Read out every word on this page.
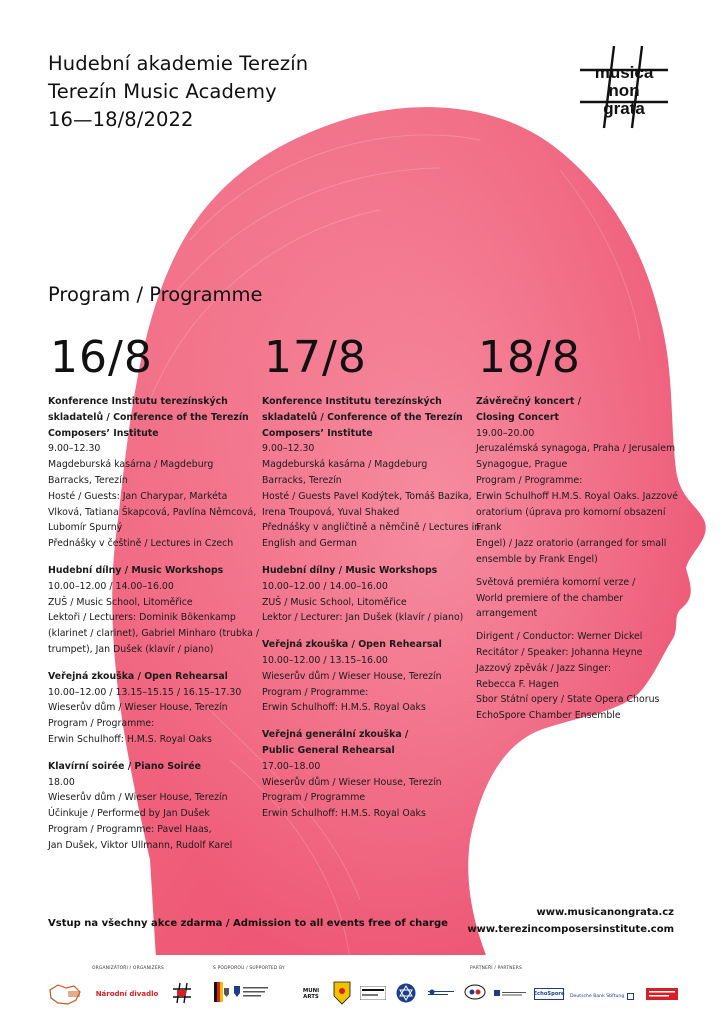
Hudební akademie Terezín
Terezín Music Academy
16—18/8/2022
musica
non
grata
Program / Programme
16/8
Konference Institutu terezínských
skladatelů / Conference of the Terezín
Composers’ Institute
9.00–12.30
Magdeburská kasárna / Magdeburg
Barracks, Terezín
Hosté / Guests: Jan Charypar, Markéta
Vlková, Tatiana Škapcová, Pavlína Němcová,
Lubomír Spurný
Přednášky v češtině / Lectures in Czech
Hudební dílny / Music Workshops
10.00–12.00 / 14.00–16.00
ZUŠ / Music School, Litoměřice
Lektoři / Lecturers: Dominik Bökenkamp
(klarinet / clarinet), Gabriel Minharo (trubka /
trumpet), Jan Dušek (klavír / piano)
Veřejná zkouška / Open Rehearsal
10.00–12.00 / 13.15–15.15 / 16.15–17.30
Wieserův dům / Wieser House, Terezín
Program / Programme:
Erwin Schulhoff: H.M.S. Royal Oaks
Klavírní soirée / Piano Soirée
18.00
Wieserův dům / Wieser House, Terezín
Účinkuje / Performed by Jan Dušek
Program / Programme: Pavel Haas,
Jan Dušek, Viktor Ullmann, Rudolf Karel
17/8
Konference Institutu terezínských
skladatelů / Conference of the Terezín
Composers’ Institute
9.00–12.30
Magdeburská kasárna / Magdeburg
Barracks, Terezín
Hosté / Guests Pavel Kodýtek, Tomáš Bazika,
Irena Troupová, Yuval Shaked
Přednášky v angličtině a němčině / Lectures in
English and German
Hudební dílny / Music Workshops
10.00–12.00 / 14.00–16.00
ZUŠ / Music School, Litoměřice
Lektor / Lecturer: Jan Dušek (klavír / piano)
Veřejná zkouška / Open Rehearsal
10.00–12.00 / 13.15–16.00
Wieserův dům / Wieser House, Terezín
Program / Programme:
Erwin Schulhoff: H.M.S. Royal Oaks
Veřejná generální zkouška /
Public General Rehearsal
17.00–18.00
Wieserův dům / Wieser House, Terezín
Program / Programme
Erwin Schulhoff: H.M.S. Royal Oaks
18/8
Závěrečný koncert /
Closing Concert
19.00–20.00
Jeruzalémská synagoga, Praha / Jerusalem
Synagogue, Prague
Program / Programme:
Erwin Schulhoff H.M.S. Royal Oaks. Jazzové
oratorium (úprava pro komorní obsazení Frank
Engel) / Jazz oratorio (arranged for small
ensemble by Frank Engel)
Světová premiéra komorní verze /
World premiere of the chamber arrangement
Dirigent / Conductor: Werner Dickel
Recitátor / Speaker: Johanna Heyne
Jazzový zpěvák / Jazz Singer:
Rebecca F. Hagen
Sbor Státní opery / State Opera Chorus
EchoSpore Chamber Ensemble
Vstup na všechny akce zdarma / Admission to all events free of charge
www.musicanongrata.cz
www.terezincomposersinstitute.com
ORGANIZÁTOŘI / ORGANIZERS	S PODPOROU / SUPPORTED BY	PARTNEŘI / PARTNERS
Národní divadlo	MUNI ARTS	EchoSpore Deutsche Bank Stiftung
